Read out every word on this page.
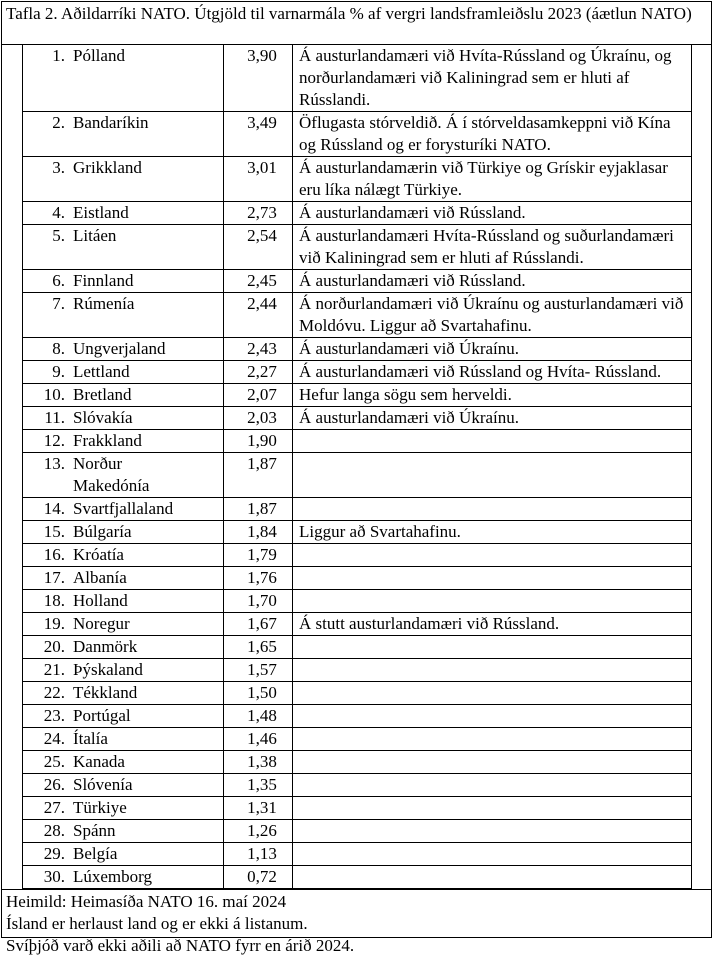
Tafla 2. Aðildarríki NATO. Útgjöld til varnarmála % af vergri landsframleiðslu 2023 (áætlun NATO)
1. Pólland	3,90	Á austurlandamæri við Hvíta-Rússland og Úkraínu, og norðurlandamæri við Kaliningrad sem er hluti af Rússlandi.
2. Bandaríkin	3,49	Öflugasta stórveldið. Á í stórveldasamkeppni við Kína og Rússland og er forysturíki NATO.
3. Grikkland	3,01	Á austurlandamærin við Türkiye og Grískir eyjaklasar eru líka nálægt Türkiye.
4. Eistland	2,73	Á austurlandamæri við Rússland.
5. Litáen	2,54	Á austurlandamæri Hvíta-Rússland og suðurlandamæri við Kaliningrad sem er hluti af Rússlandi.
6. Finnland	2,45	Á austurlandamæri við Rússland.
7. Rúmenía	2,44	Á norðurlandamæri við Úkraínu og austurlandamæri við Moldóvu. Liggur að Svartahafinu.
8. Ungverjaland	2,43	Á austurlandamæri við Úkraínu.
9. Lettland	2,27	Á austurlandamæri við Rússland og Hvíta- Rússland.
10. Bretland	2,07	Hefur langa sögu sem herveldi.
11. Slóvakía	2,03	Á austurlandamæri við Úkraínu.
12. Frakkland	1,90	
13. Norður Makedónía	1,87	
14. Svartfjallaland	1,87	
15. Búlgaría	1,84	Liggur að Svartahafinu.
16. Króatía	1,79	
17. Albanía	1,76	
18. Holland	1,70	
19.Noregur	1,67	Á stutt austurlandamæri við Rússland.
20. Danmörk	1,65	
21. Þýskaland	1,57	
22. Tékkland	1,50	
23. Portúgal	1,48	
24. Ítalía	1,46	
25. Kanada	1,38	
26. Slóvenía	1,35	
27. Türkiye	1,31	
28. Spánn	1,26	
29. Belgía	1,13	
30. Lúxemborg	0,72	
Heimild: Heimasíða NATO 16. maí 2024
Ísland er herlaust land og er ekki á listanum.
Svíþjóð varð ekki aðili að NATO fyrr en árið 2024.
